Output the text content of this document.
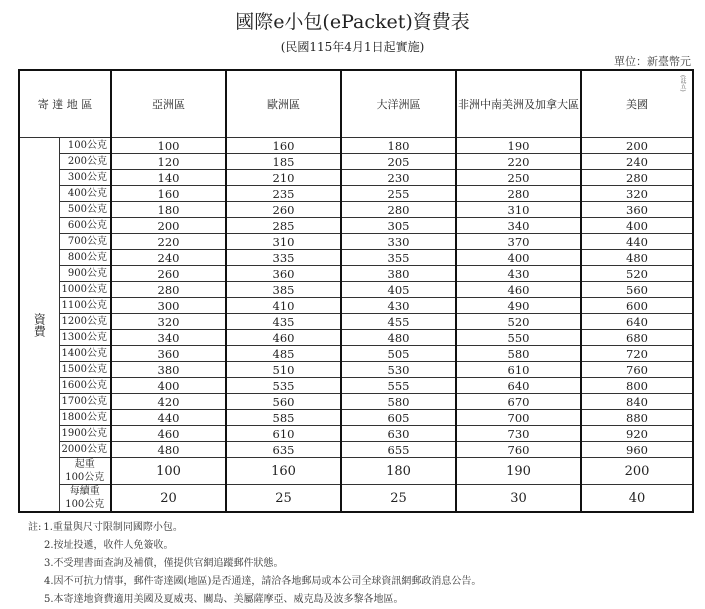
國際e小包(ePacket)資費表
(民國115年4月1日起實施)
單位：新臺幣元
寄 達 地 區		亞洲區	歐洲區	大洋洲區	非洲中南美洲及加拿大區	美國
(註五)

資費	100公克	100	160	180	190	200
	200公克	120	185	205	220	240
	300公克	140	210	230	250	280
	400公克	160	235	255	280	320
	500公克	180	260	280	310	360
	600公克	200	285	305	340	400
	700公克	220	310	330	370	440
	800公克	240	335	355	400	480
	900公克	260	360	380	430	520
	1000公克	280	385	405	460	560
	1100公克	300	410	430	490	600
	1200公克	320	435	455	520	640
	1300公克	340	460	480	550	680
	1400公克	360	485	505	580	720
	1500公克	380	510	530	610	760
	1600公克	400	535	555	640	800
	1700公克	420	560	580	670	840
	1800公克	440	585	605	700	880
	1900公克	460	610	630	730	920
	2000公克	480	635	655	760	960

	起重
100公克	100	160	180	190	200

	每續重
100公克	20	25	25	30	40
註: 1.重量與尺寸限制同國際小包。
2.按址投遞，收件人免簽收。
3.不受理書面查詢及補償，僅提供官網追蹤郵件狀態。
4.因不可抗力情事，郵件寄達國(地區)是否通達，請洽各地郵局或本公司全球資訊網郵政消息公告。
5.本寄達地資費適用美國及夏威夷、關島、美屬薩摩亞、威克島及波多黎各地區。
